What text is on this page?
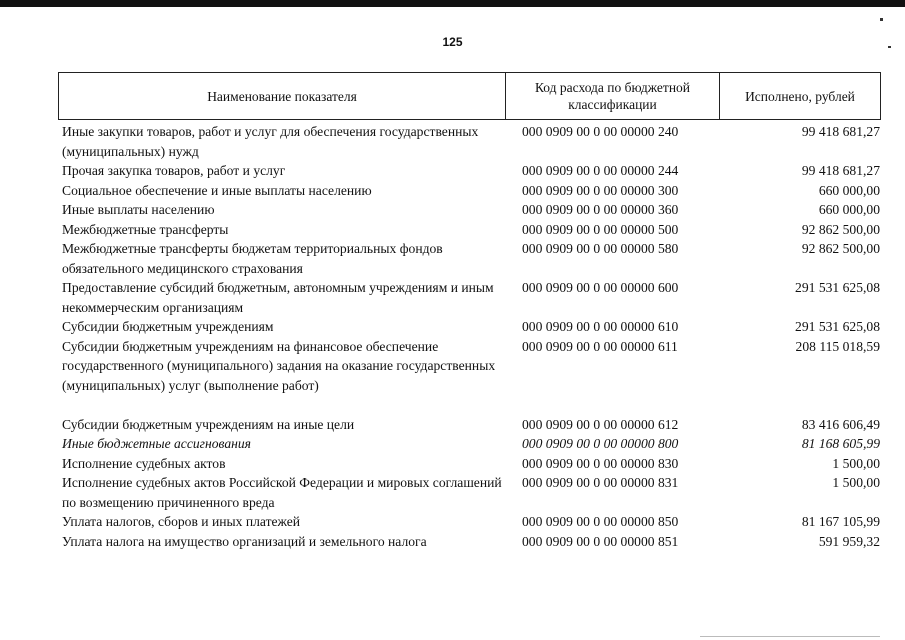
125
Наименование показателя
Код расхода по бюджетной классификации
Исполнено, рублей
Иные закупки товаров, работ и услуг для обеспечения государственных (муниципальных) нужд
000 0909 00 0 00 00000 240	99 418 681,27
Прочая закупка товаров, работ и услуг	000 0909 00 0 00 00000 244	99 418 681,27
Социальное обеспечение и иные выплаты населению	000 0909 00 0 00 00000 300	660 000,00
Иные выплаты населению	000 0909 00 0 00 00000 360	660 000,00
Межбюджетные трансферты	000 0909 00 0 00 00000 500	92 862 500,00
Межбюджетные трансферты бюджетам территориальных фондов обязательного медицинского страхования
000 0909 00 0 00 00000 580	92 862 500,00
Предоставление субсидий бюджетным, автономным учреждениям и иным некоммерческим организациям
000 0909 00 0 00 00000 600	291 531 625,08
Субсидии бюджетным учреждениям	000 0909 00 0 00 00000 610	291 531 625,08
Субсидии бюджетным учреждениям на финансовое обеспечение государственного (муниципального) задания на оказание государственных (муниципальных) услуг (выполнение работ)
000 0909 00 0 00 00000 611	208 115 018,59
Субсидии бюджетным учреждениям на иные цели	000 0909 00 0 00 00000 612	83 416 606,49
Иные бюджетные ассигнования	000 0909 00 0 00 00000 800	81 168 605,99
Исполнение судебных актов	000 0909 00 0 00 00000 830	1 500,00
Исполнение судебных актов Российской Федерации и мировых соглашений по возмещению причиненного вреда
000 0909 00 0 00 00000 831	1 500,00
Уплата налогов, сборов и иных платежей	000 0909 00 0 00 00000 850	81 167 105,99
Уплата налога на имущество организаций и земельного налога	000 0909 00 0 00 00000 851	591 959,32
